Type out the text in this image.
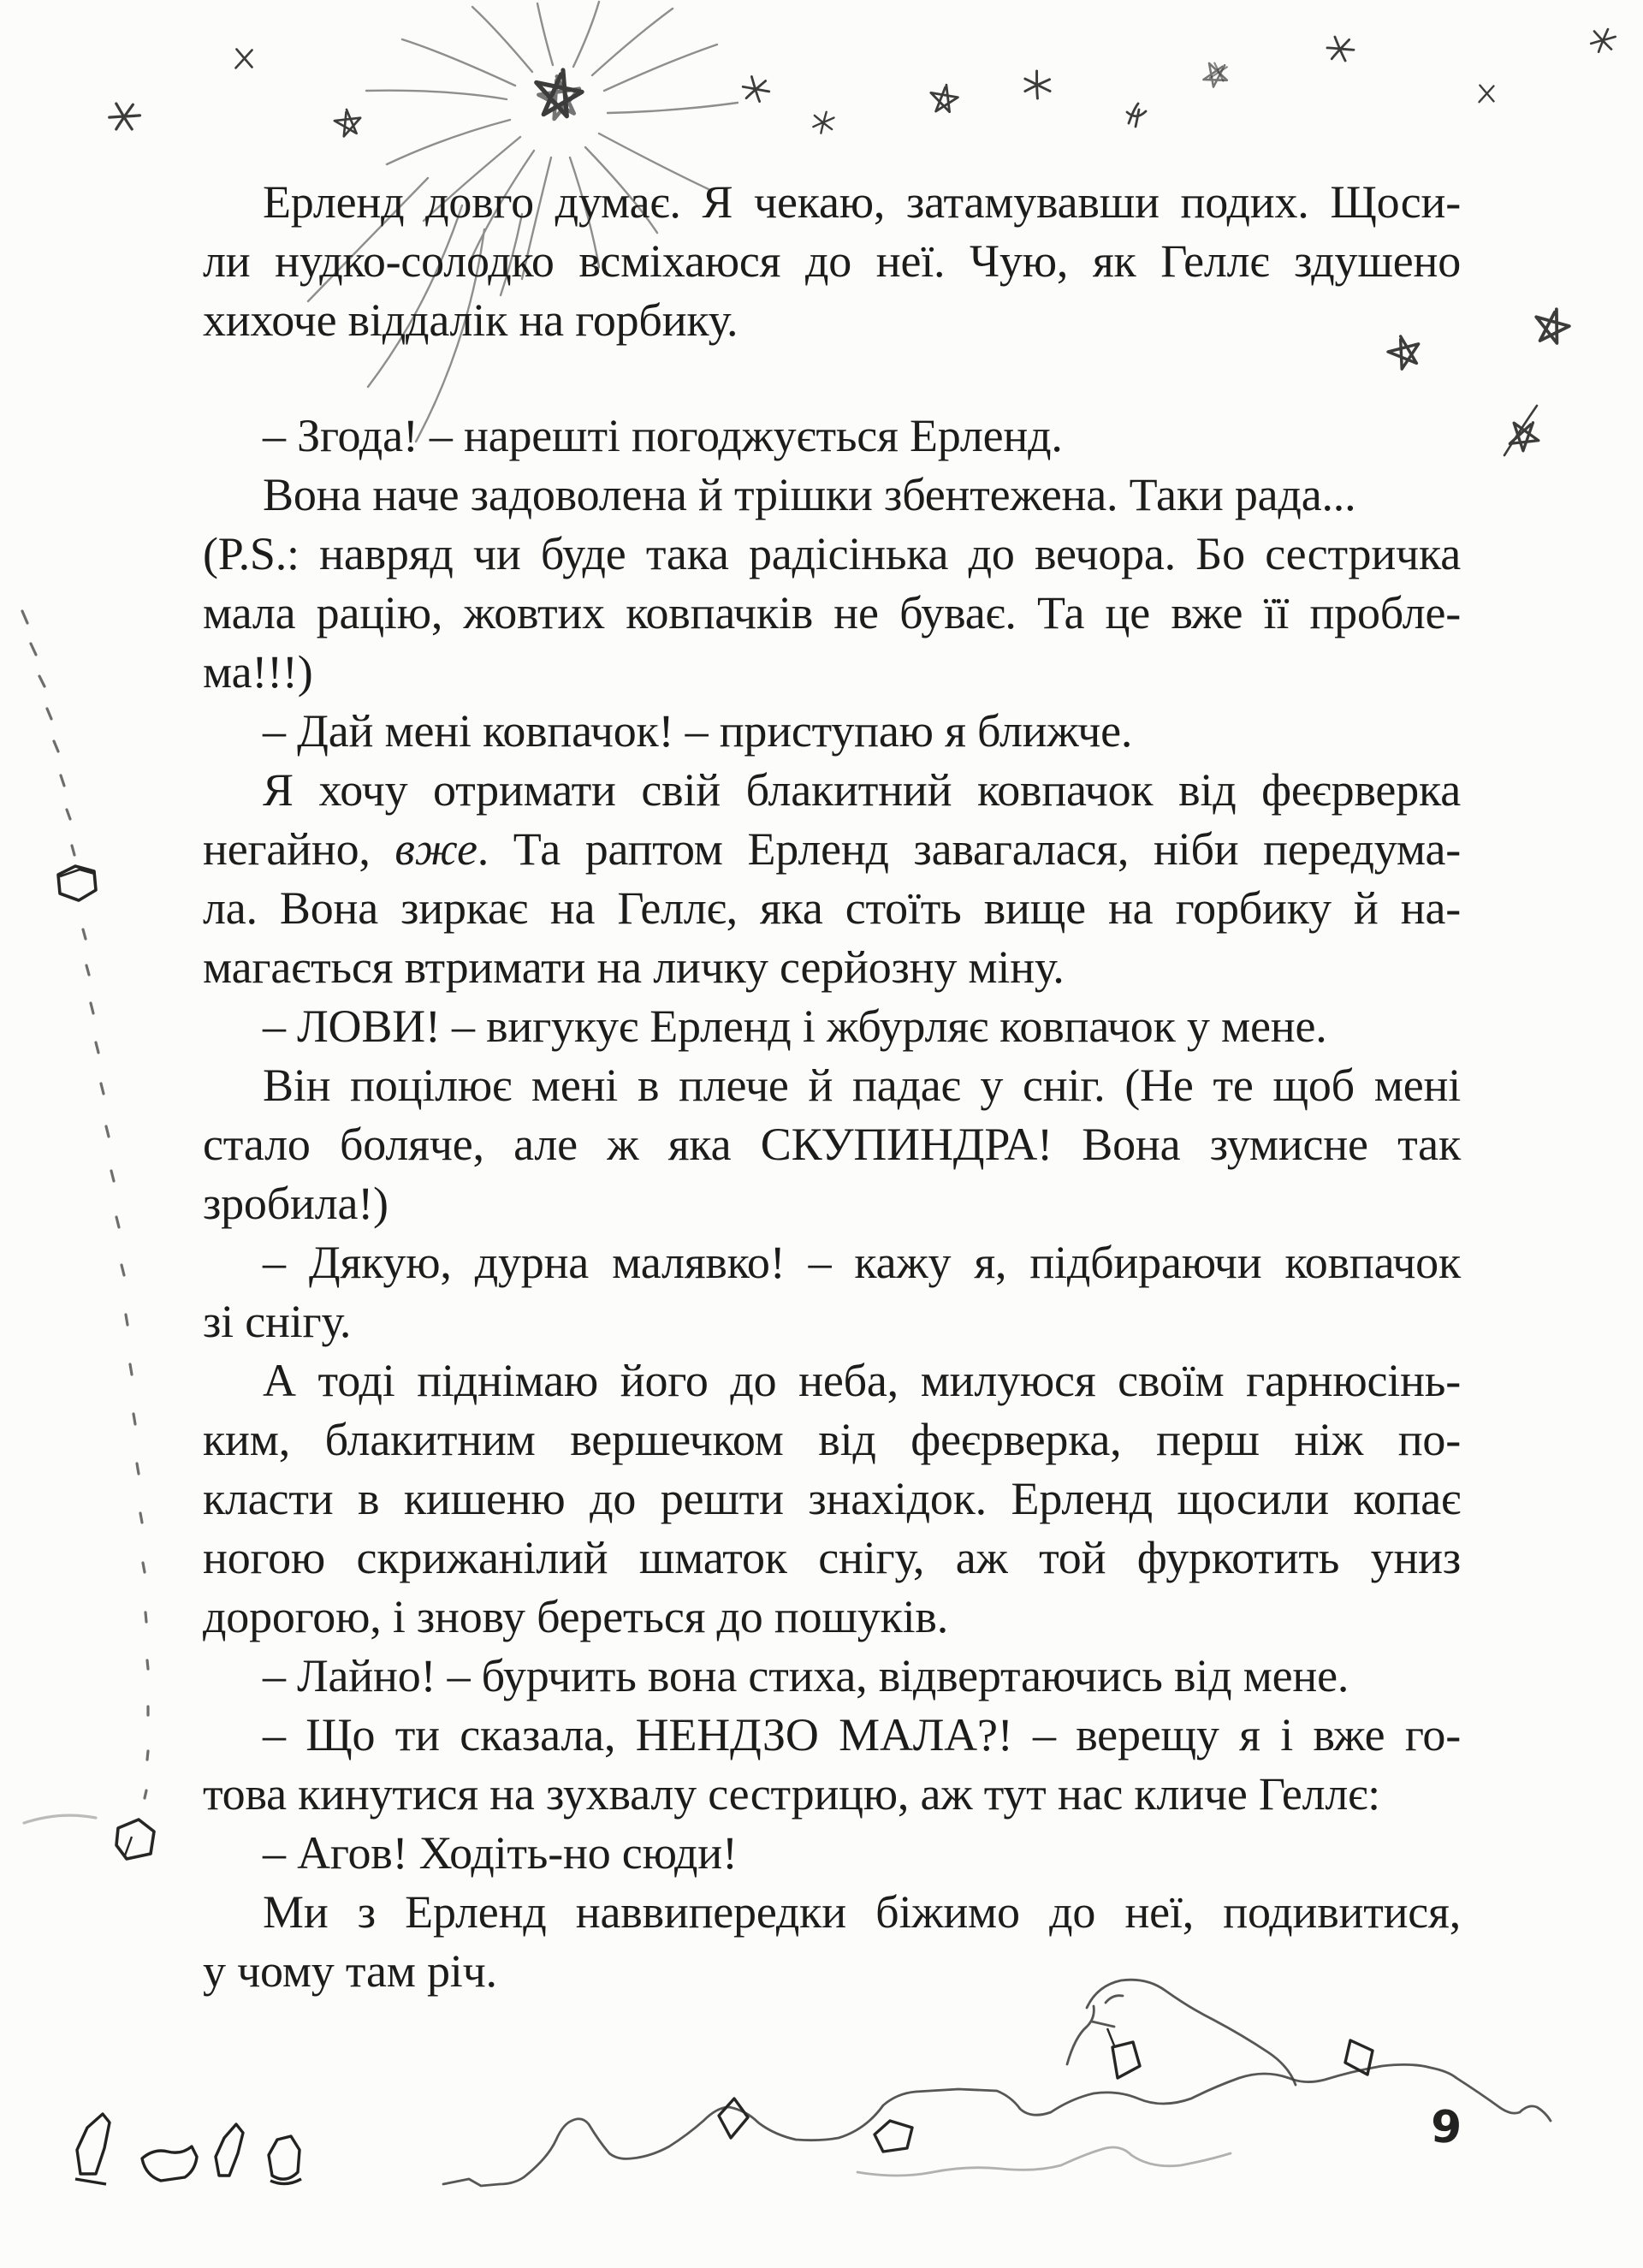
Ерленд довго думає. Я чекаю, затамувавши подих. Щоси-
ли нудко-солодко всміхаюся до неї. Чую, як Геллє здушено
хихоче віддалік на горбику.
– Згода! – нарешті погоджується Ерленд.
Вона наче задоволена й трішки збентежена. Таки рада...
(P.S.: навряд чи буде така радісінька до вечора. Бо сестричка
мала рацію, жовтих ковпачків не буває. Та це вже її пробле-
ма!!!)
– Дай мені ковпачок! – приступаю я ближче.
Я хочу отримати свій блакитний ковпачок від феєрверка
негайно, вже. Та раптом Ерленд завагалася, ніби передума-
ла. Вона зиркає на Геллє, яка стоїть вище на горбику й на-
магається втримати на личку серйозну міну.
– ЛОВИ! – вигукує Ерленд і жбурляє ковпачок у мене.
Він поцілює мені в плече й падає у сніг. (Не те щоб мені
стало боляче, але ж яка СКУПИНДРА! Вона зумисне так
зробила!)
– Дякую, дурна малявко! – кажу я, підбираючи ковпачок
зі снігу.
А тоді піднімаю його до неба, милуюся своїм гарнюсінь-
ким, блакитним вершечком від феєрверка, перш ніж по-
класти в кишеню до решти знахідок. Ерленд щосили копає
ногою скрижанілий шматок снігу, аж той фуркотить униз
дорогою, і знову береться до пошуків.
– Лайно! – бурчить вона стиха, відвертаючись від мене.
– Що ти сказала, НЕНДЗО МАЛА?! – верещу я і вже го-
това кинутися на зухвалу сестрицю, аж тут нас кличе Геллє:
– Агов! Ходіть-но сюди!
Ми з Ерленд наввипередки біжимо до неї, подивитися,
у чому там річ.
9
